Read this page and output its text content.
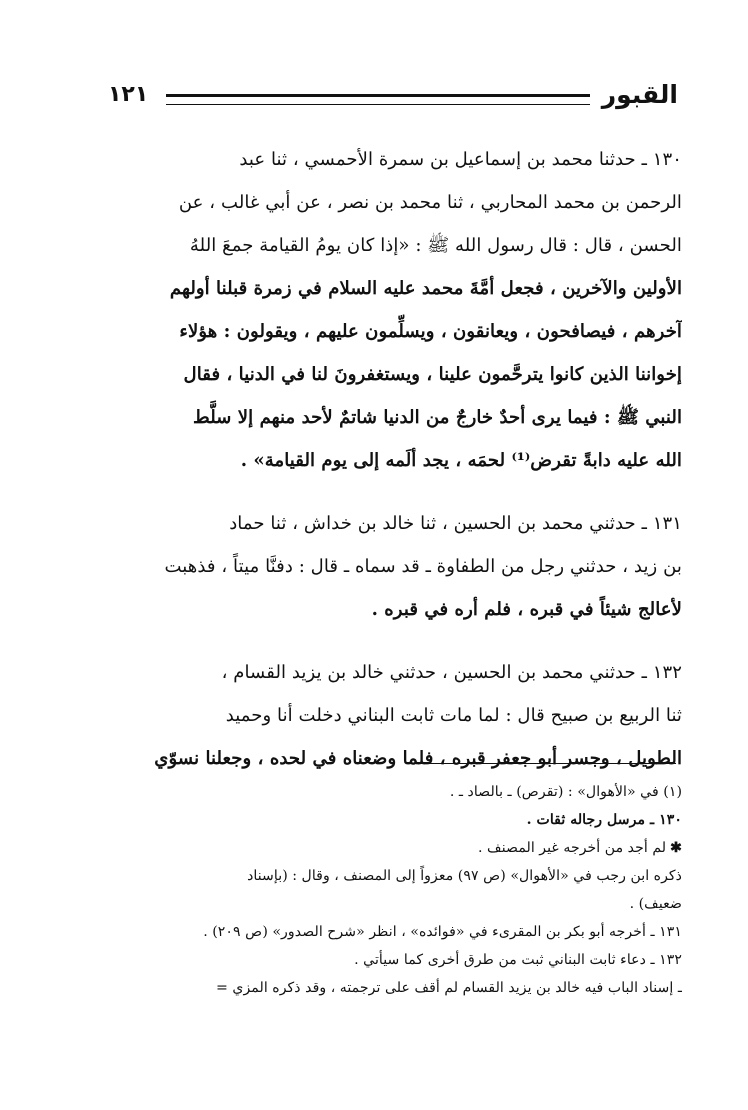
القبور
١٢١
١٣٠ ـ حدثنا محمد بن إسماعيل بن سمرة الأحمسي ، ثنا عبد
الرحمن بن محمد المحاربي ، ثنا محمد بن نصر ، عن أبي غالب ، عن
الحسن ، قال : قال رسول الله ﷺ : «إذا كان يومُ القيامة جمعَ اللهُ
الأولين والآخرين ، فجعل أمَّةَ محمد عليه السلام في زمرة قبلنا أولهم
آخرهم ، فيصافحون ، ويعانقون ، ويسلِّمون عليهم ، ويقولون : هؤلاء
إخواننا الذين كانوا يترحَّمون علينا ، ويستغفرونَ لنا في الدنيا ، فقال
النبي ﷺ : فيما يرى أحدٌ خارجٌ من الدنيا شاتمٌ لأحد منهم إلا سلَّط
الله عليه دابةً تقرض⁽¹⁾ لحمَه ، يجد ألَمه إلى يوم القيامة» .
١٣١ ـ حدثني محمد بن الحسين ، ثنا خالد بن خداش ، ثنا حماد
بن زيد ، حدثني رجل من الطفاوة ـ قد سماه ـ قال : دفنَّا ميتاً ، فذهبت
لأعالج شيئاً في قبره ، فلم أره في قبره .
١٣٢ ـ حدثني محمد بن الحسين ، حدثني خالد بن يزيد القسام ،
ثنا الربيع بن صبيح قال : لما مات ثابت البناني دخلت أنا وحميد
الطويل ، وجسر أبو جعفر قبره ، فلما وضعناه في لحده ، وجعلنا نسوّي

(١) في «الأهوال» : (تقرص) ـ بالصاد ـ .

١٣٠ ـ مرسل رجاله ثقات .

✱لم أجد من أخرجه غير المصنف .

ذكره ابن رجب في «الأهوال» (ص ٩٧) معزواً إلى المصنف ، وقال : (بإسناد

ضعيف) .

١٣١ ـ أخرجه أبو بكر بن المقرىء في «فوائده» ، انظر «شرح الصدور» (ص ٢٠٩) .

١٣٢ ـ دعاء ثابت البناني ثبت من طرق أخرى كما سيأتي .

ـ إسناد الباب فيه خالد بن يزيد القسام لم أقف على ترجمته ، وقد ذكره المزي =
